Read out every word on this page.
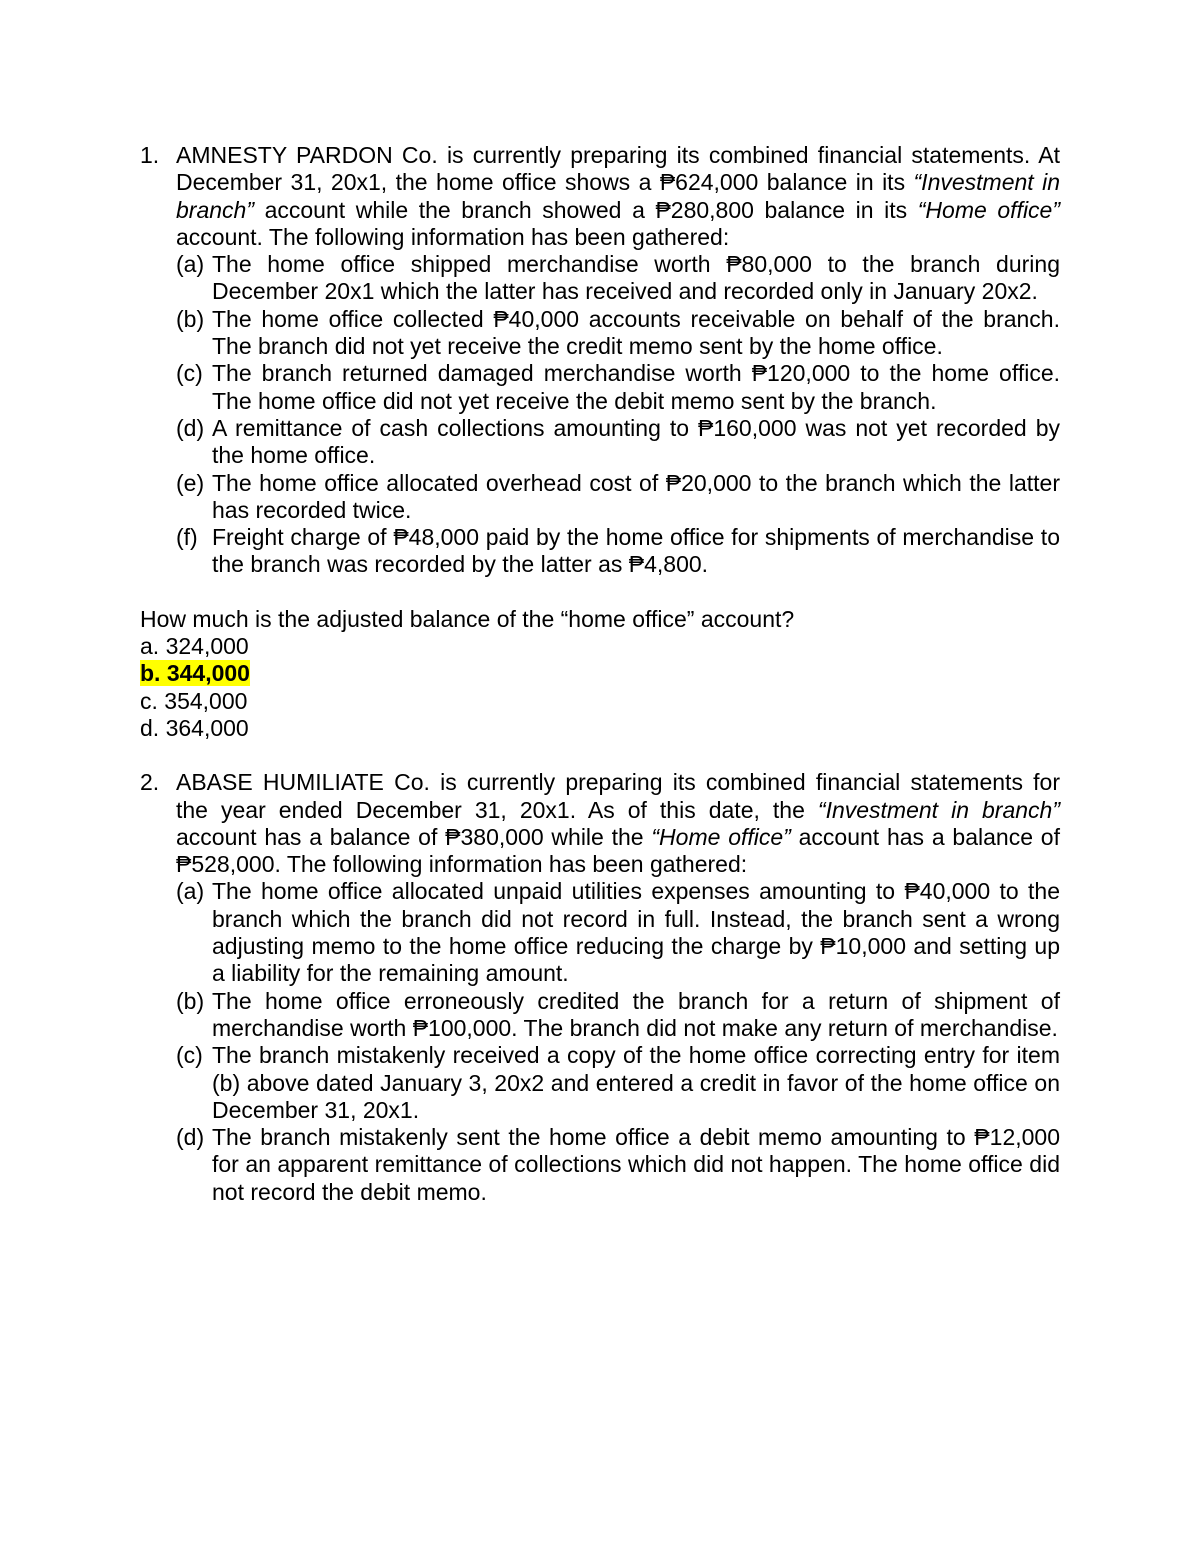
1. AMNESTY PARDON Co. is currently preparing its combined financial statements. At December 31, 20x1, the home office shows a ₱624,000 balance in its “Investment in branch” account while the branch showed a ₱280,800 balance in its “Home office” account. The following information has been gathered:
(a) The home office shipped merchandise worth ₱80,000 to the branch during December 20x1 which the latter has received and recorded only in January 20x2.
(b) The home office collected ₱40,000 accounts receivable on behalf of the branch. The branch did not yet receive the credit memo sent by the home office.
(c) The branch returned damaged merchandise worth ₱120,000 to the home office. The home office did not yet receive the debit memo sent by the branch.
(d) A remittance of cash collections amounting to ₱160,000 was not yet recorded by the home office.
(e) The home office allocated overhead cost of ₱20,000 to the branch which the latter has recorded twice.
(f) Freight charge of ₱48,000 paid by the home office for shipments of merchandise to the branch was recorded by the latter as ₱4,800.
How much is the adjusted balance of the “home office” account?
a. 324,000
b. 344,000
c. 354,000
d. 364,000
2. ABASE HUMILIATE Co. is currently preparing its combined financial statements for the year ended December 31, 20x1. As of this date, the “Investment in branch” account has a balance of ₱380,000 while the “Home office” account has a balance of ₱528,000. The following information has been gathered:
(a) The home office allocated unpaid utilities expenses amounting to ₱40,000 to the branch which the branch did not record in full. Instead, the branch sent a wrong adjusting memo to the home office reducing the charge by ₱10,000 and setting up a liability for the remaining amount.
(b) The home office erroneously credited the branch for a return of shipment of merchandise worth ₱100,000. The branch did not make any return of merchandise.
(c) The branch mistakenly received a copy of the home office correcting entry for item (b) above dated January 3, 20x2 and entered a credit in favor of the home office on December 31, 20x1.
(d) The branch mistakenly sent the home office a debit memo amounting to ₱12,000 for an apparent remittance of collections which did not happen. The home office did not record the debit memo.
